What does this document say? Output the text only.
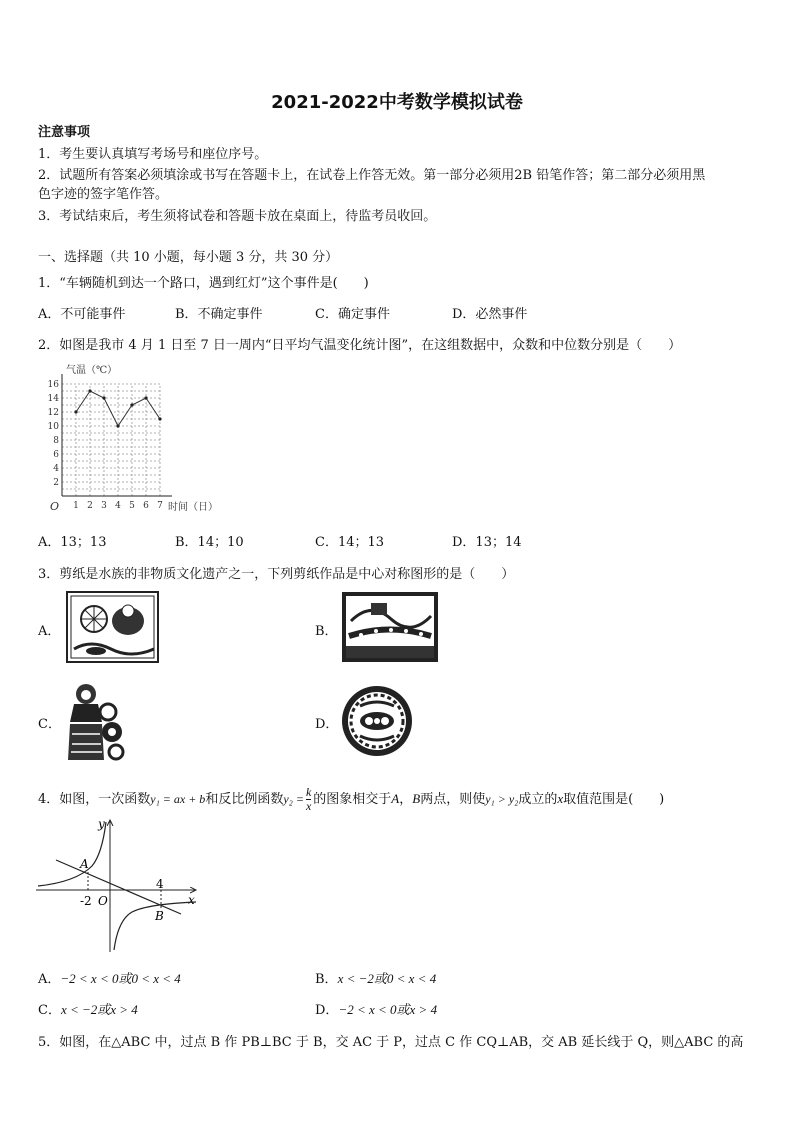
2021-2022中考数学模拟试卷
注意事项
1．考生要认真填写考场号和座位序号。
2．试题所有答案必须填涂或书写在答题卡上，在试卷上作答无效。第一部分必须用2B 铅笔作答；第二部分必须用黑
色字迹的签字笔作答。
3．考试结束后，考生须将试卷和答题卡放在桌面上，待监考员收回。
一、选择题（共 10 小题，每小题 3 分，共 30 分）
1．“车辆随机到达一个路口，遇到红灯”这个事件是(　　)
A．不可能事件	B．不确定事件	C．确定事件	D．必然事件
2．如图是我市 4 月 1 日至 7 日一周内“日平均气温变化统计图”，在这组数据中，众数和中位数分别是（　　）
2
4
6
8
10
12
14
16
1 2 3 4 5 6 7
气温（℃）
时间（日）
O
A．13；13	B．14；10	C．14；13	D．13；14
3．剪纸是水族的非物质文化遗产之一，下列剪纸作品是中心对称图形的是（　　）
A．	B．
C．	D．
4．如图，一次函数y₁ = ax + b和反比例函数$y_2 = \frac{k}{x}$ 的图象相交于A，B两点，则使y₁ > y₂成立的x取值范围是(　　)
y
x
O
-2
4
A
B
A．−2 < x < 0或0 < x < 4	B．x < −2或0 < x < 4
C．x < −2或x > 4	D．−2 < x < 0或x > 4
5．如图，在△ABC 中，过点 B 作 PB⊥BC 于 B，交 AC 于 P，过点 C 作 CQ⊥AB，交 AB 延长线于 Q，则△ABC 的高
